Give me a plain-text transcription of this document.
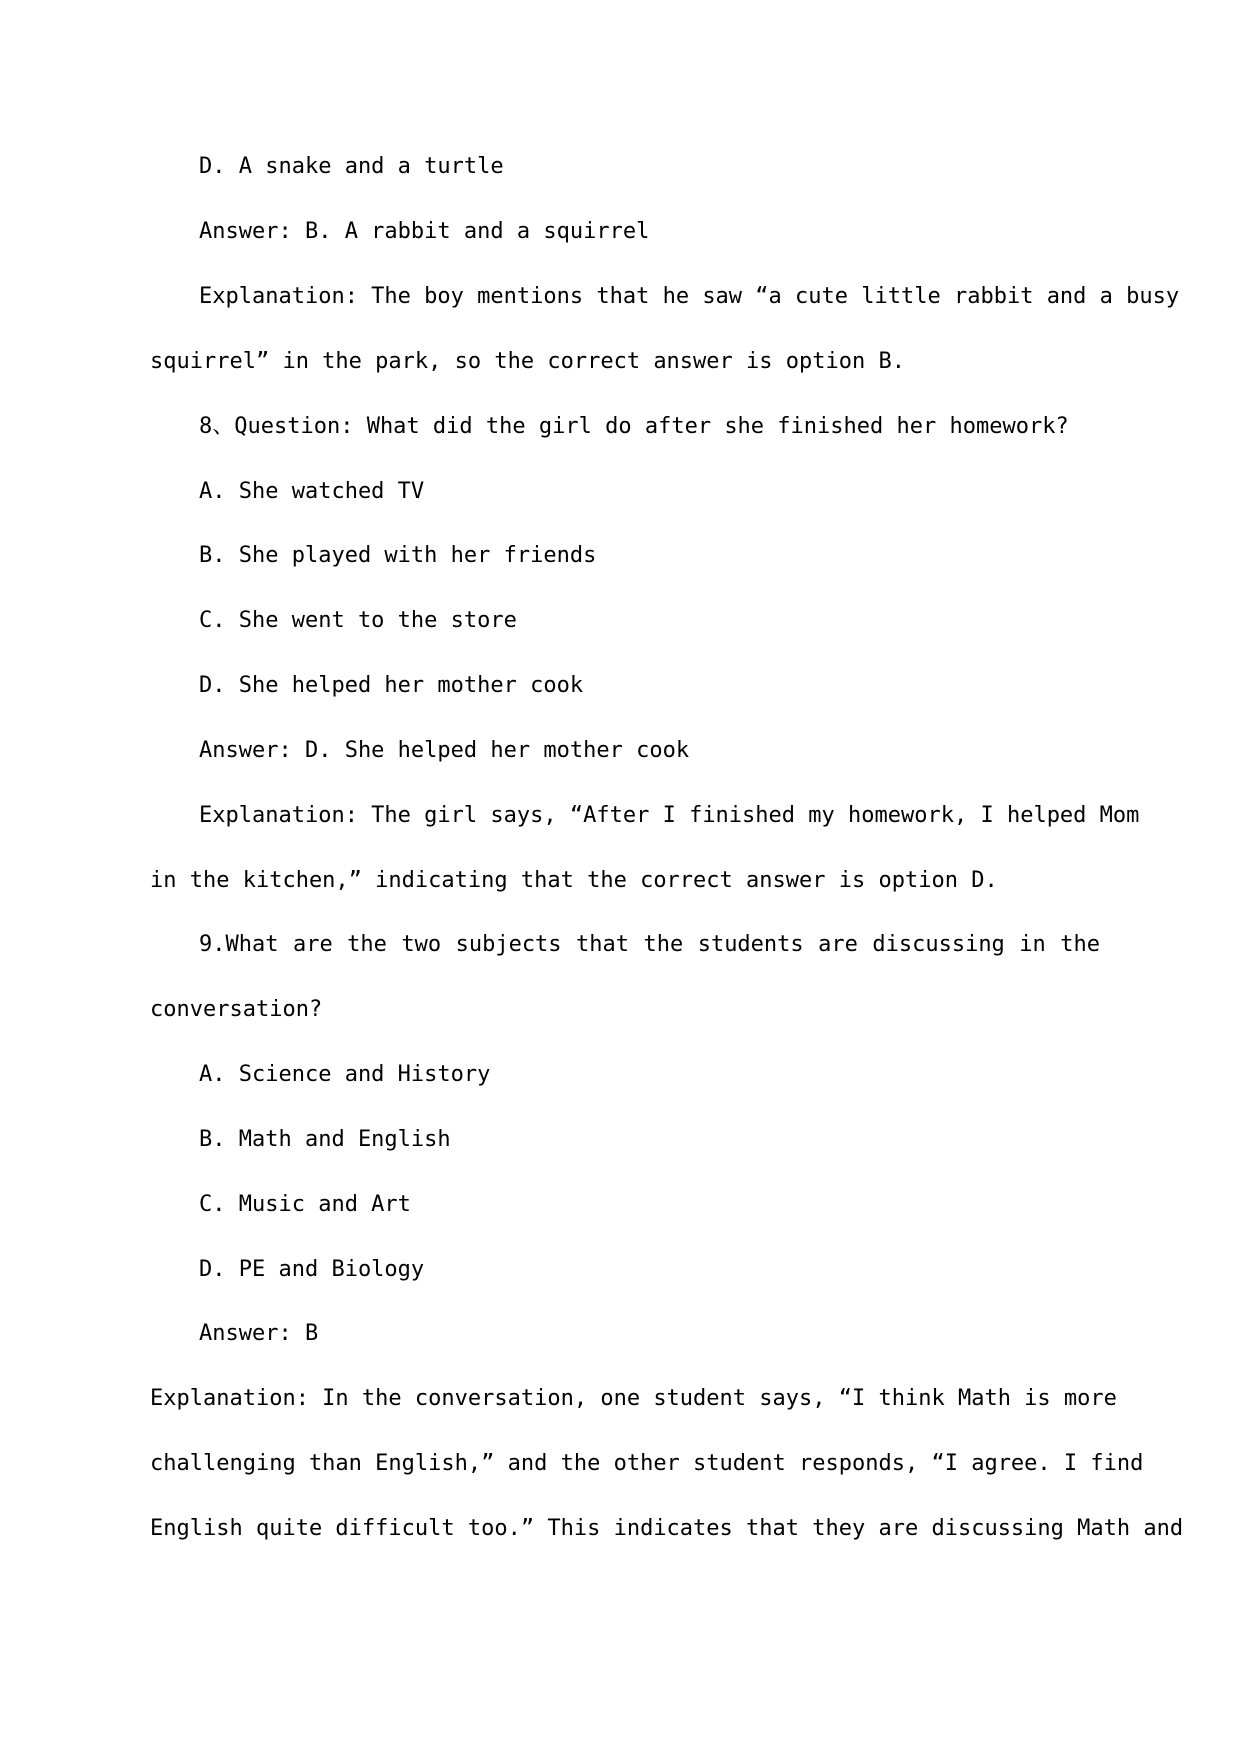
D. A snake and a turtle
Answer: B. A rabbit and a squirrel
Explanation: The boy mentions that he saw “a cute little rabbit and a busy
squirrel” in the park, so the correct answer is option B.
8、Question: What did the girl do after she finished her homework?
A. She watched TV
B. She played with her friends
C. She went to the store
D. She helped her mother cook
Answer: D. She helped her mother cook
Explanation: The girl says, “After I finished my homework, I helped Mom
in the kitchen,” indicating that the correct answer is option D.
9.What are the two subjects that the students are discussing in the
conversation?
A. Science and History
B. Math and English
C. Music and Art
D. PE and Biology
Answer: B
Explanation: In the conversation, one student says, “I think Math is more
challenging than English,” and the other student responds, “I agree. I find
English quite difficult too.” This indicates that they are discussing Math and
